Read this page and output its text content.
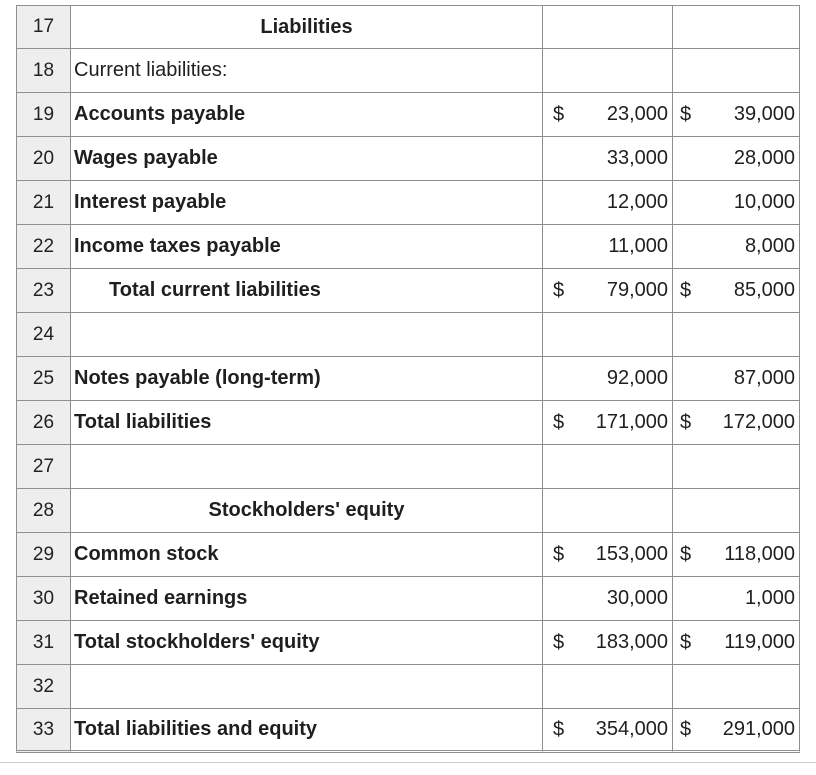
17	Liabilities
18 Current liabilities:
19 Accounts payable	$ 23,000 $ 39,000
20 Wages payable	33,000	28,000
21 Interest payable	12,000	10,000
22 Income taxes payable	11,000	8,000
23	Total current liabilities	$ 79,000 $ 85,000
24
25 Notes payable (long-term)	92,000	87,000
26 Total liabilities	$ 171,000 $ 172,000
27
28	Stockholders' equity
29 Common stock	$ 153,000 $ 118,000
30 Retained earnings	30,000	1,000
31 Total stockholders' equity	$ 183,000 $ 119,000
32
33 Total liabilities and equity	$ 354,000 $ 291,000
